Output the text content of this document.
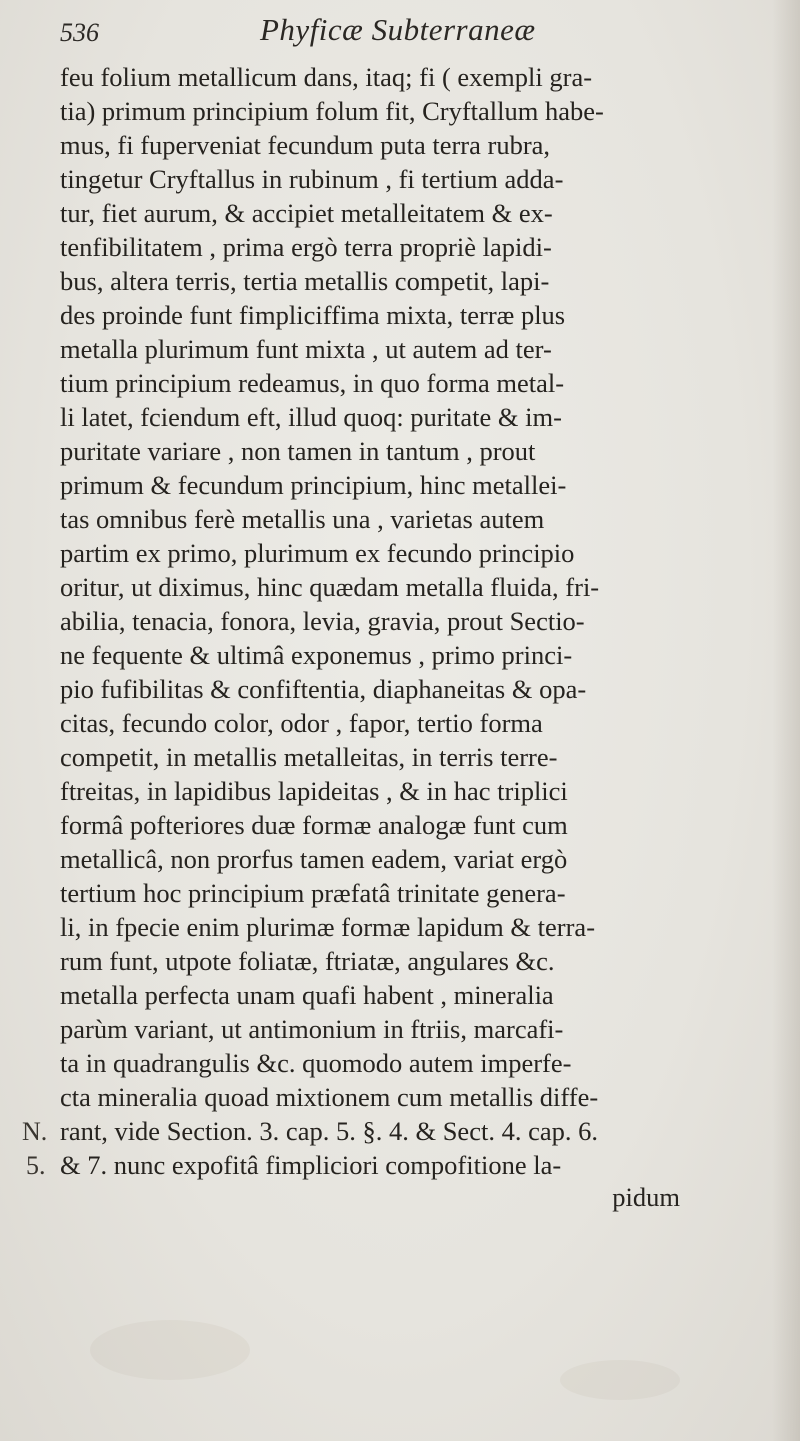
536	Phyficæ Subterraneæ
feu folium metallicum dans, itaq; fi ( exempli gra-
tia) primum principium folum fit, Cryftallum habe-
mus, fi fuperveniat fecundum puta terra rubra,
tingetur Cryftallus in rubinum , fi tertium adda-
tur, fiet aurum, & accipiet metalleitatem & ex-
tenfibilitatem , prima ergò terra propriè lapidi-
bus, altera terris, tertia metallis competit, lapi-
des proinde funt fimpliciffima mixta, terræ plus
metalla plurimum funt mixta , ut autem ad ter-
tium principium redeamus, in quo forma metal-
li latet, fciendum eft, illud quoq: puritate & im-
puritate variare , non tamen in tantum , prout
primum & fecundum principium, hinc metallei-
tas omnibus ferè metallis una , varietas autem
partim ex primo, plurimum ex fecundo principio
oritur, ut diximus, hinc quædam metalla fluida, fri-
abilia, tenacia, fonora, levia, gravia, prout Sectio-
ne fequente & ultimâ exponemus , primo princi-
pio fufibilitas & confiftentia, diaphaneitas & opa-
citas, fecundo color, odor , fapor, tertio forma
competit, in metallis metalleitas, in terris terre-
ftreitas, in lapidibus lapideitas , & in hac triplici
formâ pofteriores duæ formæ analogæ funt cum
metallicâ, non prorfus tamen eadem, variat ergò
tertium hoc principium præfatâ trinitate genera-
li, in fpecie enim plurimæ formæ lapidum & terra-
rum funt, utpote foliatæ, ftriatæ, angulares &c.
metalla perfecta unam quafi habent , mineralia
parùm variant, ut antimonium in ftriis, marcafi-
ta in quadrangulis &c. quomodo autem imperfe-
cta mineralia quoad mixtionem cum metallis diffe-
rant, vide Section. 3. cap. 5. §. 4. & Sect. 4. cap. 6.
& 7. nunc expofitâ fimpliciori compofitione la-
pidum
N.
5.
